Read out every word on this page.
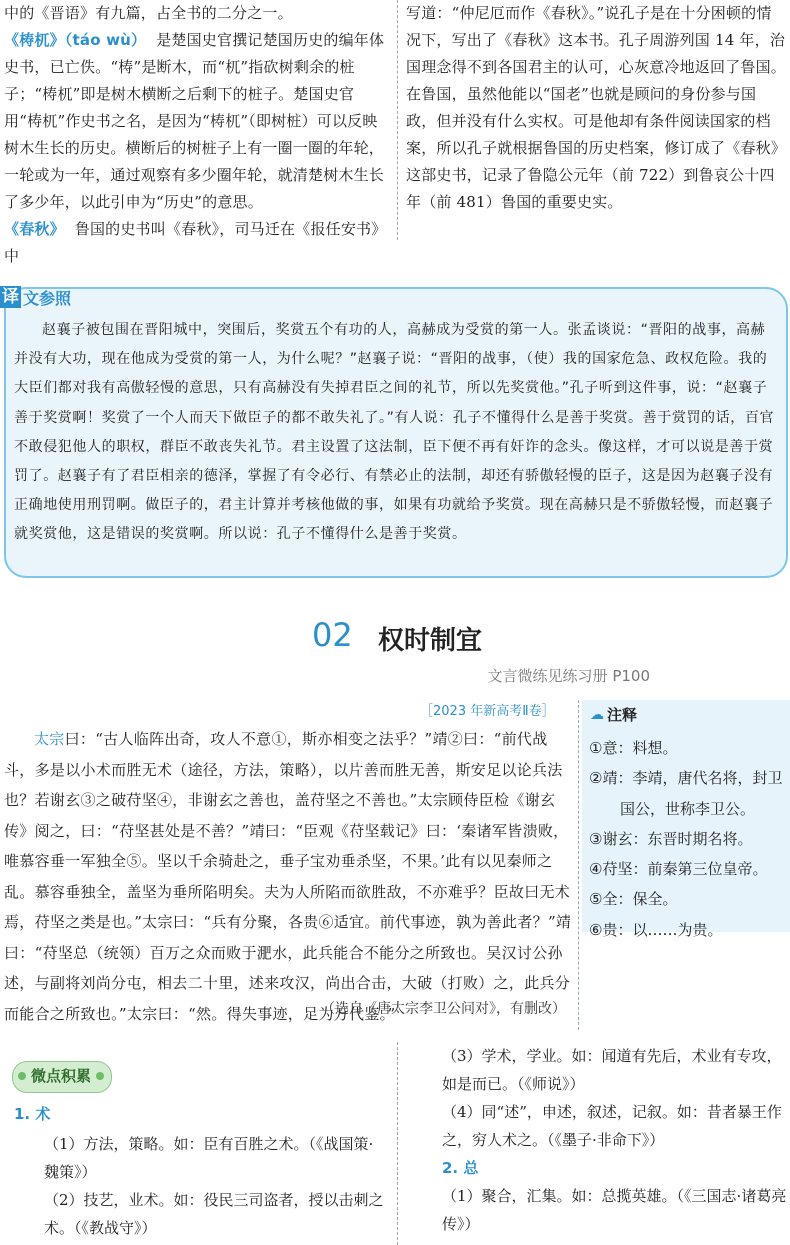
中的《晋语》有九篇，占全书的二分之一。

《梼杌》（táo wù） 是楚国史官撰记楚国历史的编年体史书，已亡佚。“梼”是断木，而“杌”指砍树剩余的桩子；“梼杌”即是树木横断之后剩下的桩子。楚国史官用“梼杌”作史书之名，是因为“梼杌”（即树桩）可以反映树木生长的历史。横断后的树桩子上有一圈一圈的年轮，一轮或为一年，通过观察有多少圈年轮，就清楚树木生长了多少年，以此引申为“历史”的意思。

《春秋》 鲁国的史书叫《春秋》，司马迁在《报任安书》中

写道：“仲尼厄而作《春秋》。”说孔子是在十分困顿的情况下，写出了《春秋》这本书。孔子周游列国 14 年，治国理念得不到各国君主的认可，心灰意冷地返回了鲁国。在鲁国，虽然他能以“国老”也就是顾问的身份参与国政，但并没有什么实权。可是他却有条件阅读国家的档案，所以孔子就根据鲁国的历史档案，修订成了《春秋》这部史书，记录了鲁隐公元年（前 722）到鲁哀公十四年（前 481）鲁国的重要史实。

译 文参照
赵襄子被包围在晋阳城中，突围后，奖赏五个有功的人，高赫成为受赏的第一人。张孟谈说：“晋阳的战事，高赫并没有大功，现在他成为受赏的第一人，为什么呢？”赵襄子说：“晋阳的战事，（使）我的国家危急、政权危险。我的大臣们都对我有高傲轻慢的意思，只有高赫没有失掉君臣之间的礼节，所以先奖赏他。”孔子听到这件事，说：“赵襄子善于奖赏啊！奖赏了一个人而天下做臣子的都不敢失礼了。”有人说：孔子不懂得什么是善于奖赏。善于赏罚的话，百官不敢侵犯他人的职权，群臣不敢丧失礼节。君主设置了这法制，臣下便不再有奸诈的念头。像这样，才可以说是善于赏罚了。赵襄子有了君臣相亲的德泽，掌握了有令必行、有禁必止的法制，却还有骄傲轻慢的臣子，这是因为赵襄子没有正确地使用刑罚啊。做臣子的，君主计算并考核他做的事，如果有功就给予奖赏。现在高赫只是不骄傲轻慢，而赵襄子就奖赏他，这是错误的奖赏啊。所以说：孔子不懂得什么是善于奖赏。
02 权时制宜
文言微练见练习册 P100
［2023 年新高考Ⅱ卷］
太宗曰：“古人临阵出奇，攻人不意①，斯亦相变之法乎？”靖②曰：“前代战斗，多是以小术而胜无术（途径，方法，策略），以片善而胜无善，斯安足以论兵法也？若谢玄③之破苻坚④，非谢玄之善也，盖苻坚之不善也。”太宗顾侍臣检《谢玄传》阅之，曰：“苻坚甚处是不善？”靖曰：“臣观《苻坚载记》曰：‘秦诸军皆溃败，唯慕容垂一军独全⑤。坚以千余骑赴之，垂子宝劝垂杀坚，不果。’此有以见秦师之乱。慕容垂独全，盖坚为垂所陷明矣。夫为人所陷而欲胜敌，不亦难乎？臣故曰无术焉，苻坚之类是也。”太宗曰：“兵有分聚，各贵⑥适宜。前代事迹，孰为善此者？”靖曰：“苻坚总（统领）百万之众而败于淝水，此兵能合不能分之所致也。吴汉讨公孙述，与副将刘尚分屯，相去二十里，述来攻汉，尚出合击，大破（打败）之，此兵分而能合之所致也。”太宗曰：“然。得失事迹，足为万代鉴。”
（选自《唐太宗李卫公问对》，有删改）
☁ 注释
①意：料想。
②靖：李靖，唐代名将，封卫国公，世称李卫公。
③谢玄：东晋时期名将。
④苻坚：前秦第三位皇帝。
⑤全：保全。
⑥贵：以……为贵。
微点积累
1. 术
（1）方法，策略。如：臣有百胜之术。（《战国策·魏策》）
（2）技艺，业术。如：役民三司盗者，授以击刺之术。（《教战守》）
（3）学术，学业。如：闻道有先后，术业有专攻，如是而已。（《师说》）
（4）同“述”，申述，叙述，记叙。如：昔者暴王作之，穷人术之。（《墨子·非命下》）
2. 总
（1）聚合，汇集。如：总揽英雄。（《三国志·诸葛亮传》）
